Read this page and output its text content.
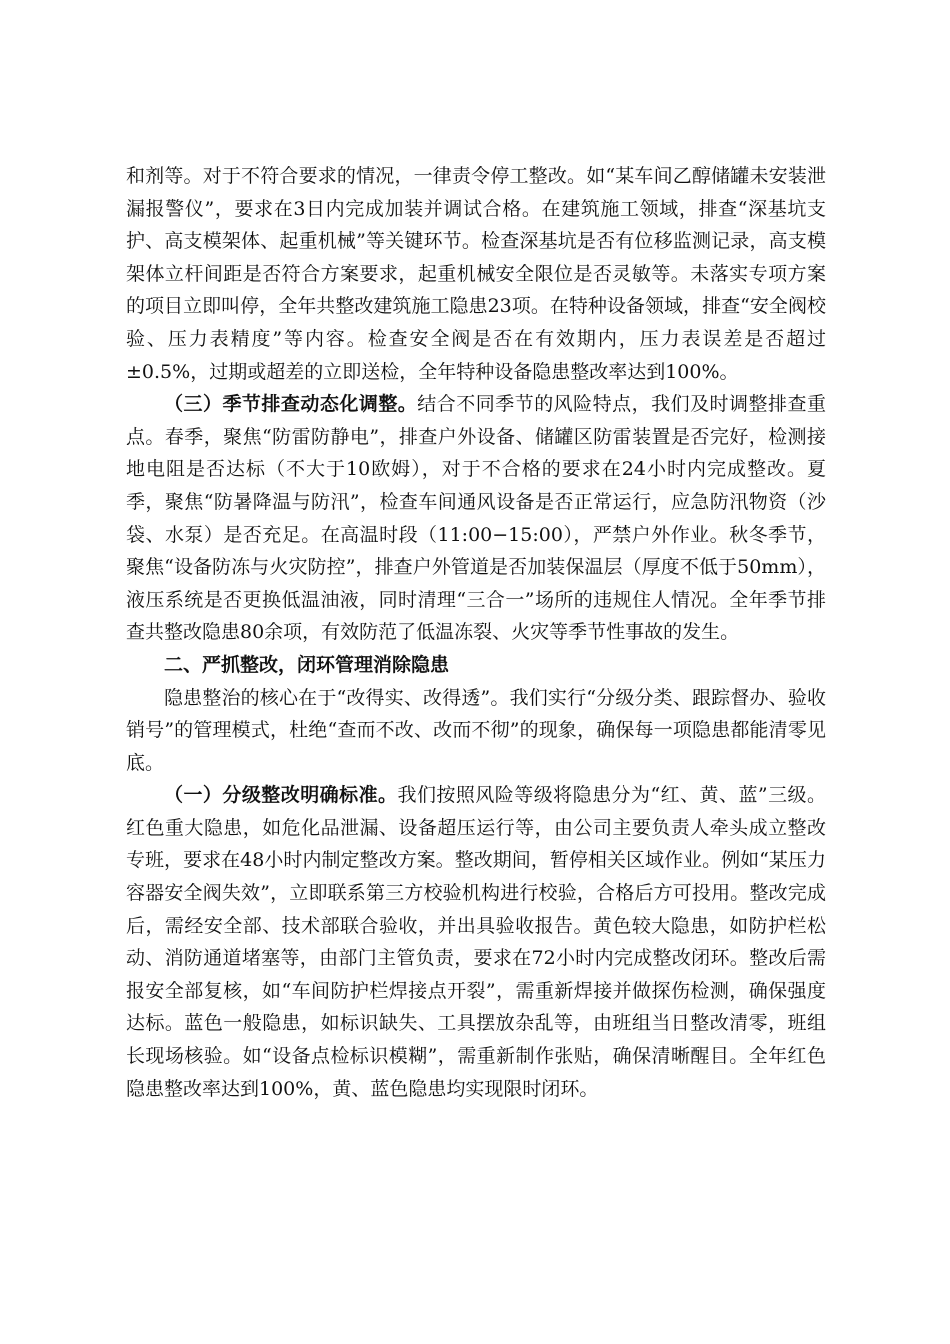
和剂等。对于不符合要求的情况，一律责令停工整改。如“某车间乙醇储罐未安装泄漏报警仪”，要求在3日内完成加装并调试合格。在建筑施工领域，排查“深基坑支护、高支模架体、起重机械”等关键环节。检查深基坑是否有位移监测记录，高支模架体立杆间距是否符合方案要求，起重机械安全限位是否灵敏等。未落实专项方案的项目立即叫停，全年共整改建筑施工隐患23项。在特种设备领域，排查“安全阀校验、压力表精度”等内容。检查安全阀是否在有效期内，压力表误差是否超过±0.5%，过期或超差的立即送检，全年特种设备隐患整改率达到100%。

（三）季节排查动态化调整。结合不同季节的风险特点，我们及时调整排查重点。春季，聚焦“防雷防静电”，排查户外设备、储罐区防雷装置是否完好，检测接地电阻是否达标（不大于10欧姆），对于不合格的要求在24小时内完成整改。夏季，聚焦“防暑降温与防汛”，检查车间通风设备是否正常运行，应急防汛物资（沙袋、水泵）是否充足。在高温时段（11:00−15:00），严禁户外作业。秋冬季节，聚焦“设备防冻与火灾防控”，排查户外管道是否加装保温层（厚度不低于50mm），液压系统是否更换低温油液，同时清理“三合一”场所的违规住人情况。全年季节排查共整改隐患80余项，有效防范了低温冻裂、火灾等季节性事故的发生。

二、严抓整改，闭环管理消除隐患

隐患整治的核心在于“改得实、改得透”。我们实行“分级分类、跟踪督办、验收销号”的管理模式，杜绝“查而不改、改而不彻”的现象，确保每一项隐患都能清零见底。

（一）分级整改明确标准。我们按照风险等级将隐患分为“红、黄、蓝”三级。红色重大隐患，如危化品泄漏、设备超压运行等，由公司主要负责人牵头成立整改专班，要求在48小时内制定整改方案。整改期间，暂停相关区域作业。例如“某压力容器安全阀失效”，立即联系第三方校验机构进行校验，合格后方可投用。整改完成后，需经安全部、技术部联合验收，并出具验收报告。黄色较大隐患，如防护栏松动、消防通道堵塞等，由部门主管负责，要求在72小时内完成整改闭环。整改后需报安全部复核，如“车间防护栏焊接点开裂”，需重新焊接并做探伤检测，确保强度达标。蓝色一般隐患，如标识缺失、工具摆放杂乱等，由班组当日整改清零，班组长现场核验。如“设备点检标识模糊”，需重新制作张贴，确保清晰醒目。全年红色隐患整改率达到100%，黄、蓝色隐患均实现限时闭环。
